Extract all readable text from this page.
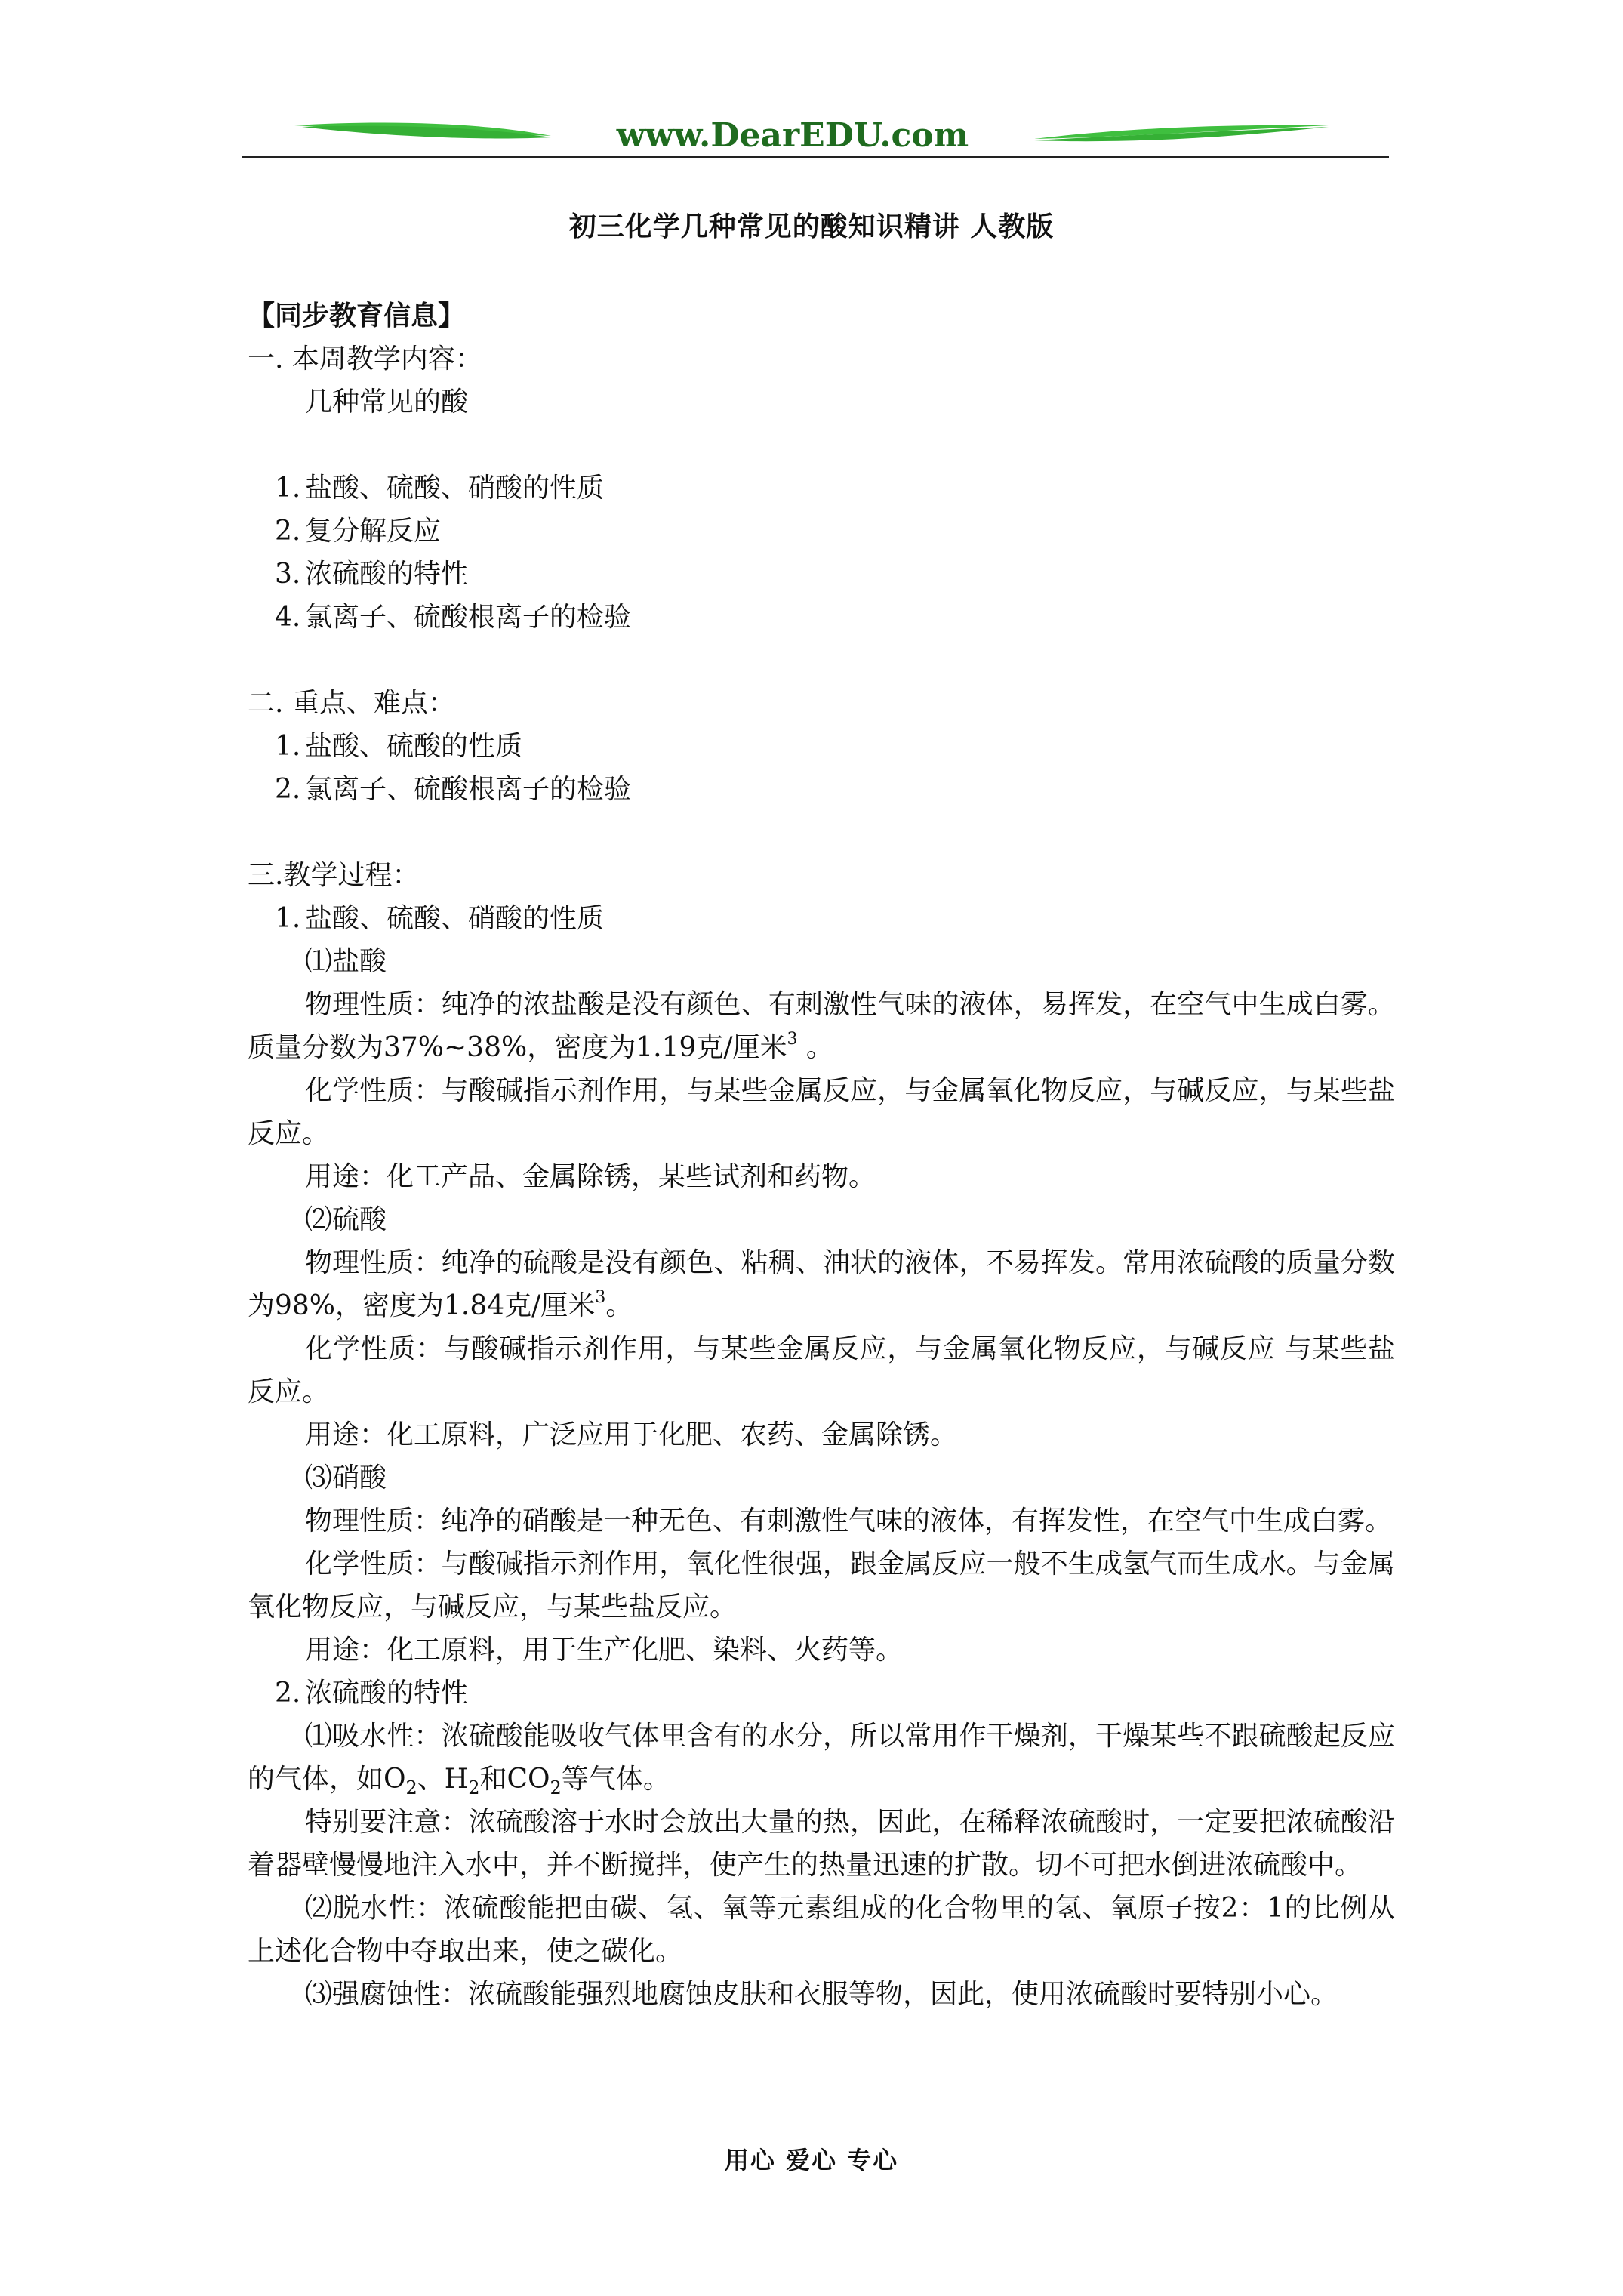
www.DearEDU.com
初三化学几种常见的酸知识精讲 人教版
【同步教育信息】
一. 本周教学内容：
几种常见的酸
1. 盐酸、硫酸、硝酸的性质
2. 复分解反应
3. 浓硫酸的特性
4. 氯离子、硫酸根离子的检验
二. 重点、难点：
1. 盐酸、硫酸的性质
2. 氯离子、硫酸根离子的检验
三.教学过程：
1. 盐酸、硫酸、硝酸的性质
⑴盐酸
物理性质：纯净的浓盐酸是没有颜色、有刺激性气味的液体，易挥发，在空气中生成白雾。质量分数为37%~38%，密度为1.19克/厘米$^3$ 。
化学性质：与酸碱指示剂作用，与某些金属反应，与金属氧化物反应，与碱反应，与某些盐反应。
用途：化工产品、金属除锈，某些试剂和药物。
⑵硫酸
物理性质：纯净的硫酸是没有颜色、粘稠、油状的液体，不易挥发。常用浓硫酸的质量分数为98%，密度为1.84克/厘米$^3$。
化学性质：与酸碱指示剂作用，与某些金属反应，与金属氧化物反应，与碱反应 与某些盐反应。
用途：化工原料，广泛应用于化肥、农药、金属除锈。
⑶硝酸
物理性质：纯净的硝酸是一种无色、有刺激性气味的液体，有挥发性，在空气中生成白雾。
化学性质：与酸碱指示剂作用，氧化性很强，跟金属反应一般不生成氢气而生成水。与金属氧化物反应，与碱反应，与某些盐反应。
用途：化工原料，用于生产化肥、染料、火药等。
2. 浓硫酸的特性
⑴吸水性：浓硫酸能吸收气体里含有的水分，所以常用作干燥剂，干燥某些不跟硫酸起反应的气体，如$O_2$、$H_2$和$CO_2$等气体。
特别要注意：浓硫酸溶于水时会放出大量的热，因此，在稀释浓硫酸时，一定要把浓硫酸沿着器壁慢慢地注入水中，并不断搅拌，使产生的热量迅速的扩散。切不可把水倒进浓硫酸中。
⑵脱水性：浓硫酸能把由碳、氢、氧等元素组成的化合物里的氢、氧原子按2：1的比例从上述化合物中夺取出来，使之碳化。
⑶强腐蚀性：浓硫酸能强烈地腐蚀皮肤和衣服等物，因此，使用浓硫酸时要特别小心。
用心 爱心 专心
